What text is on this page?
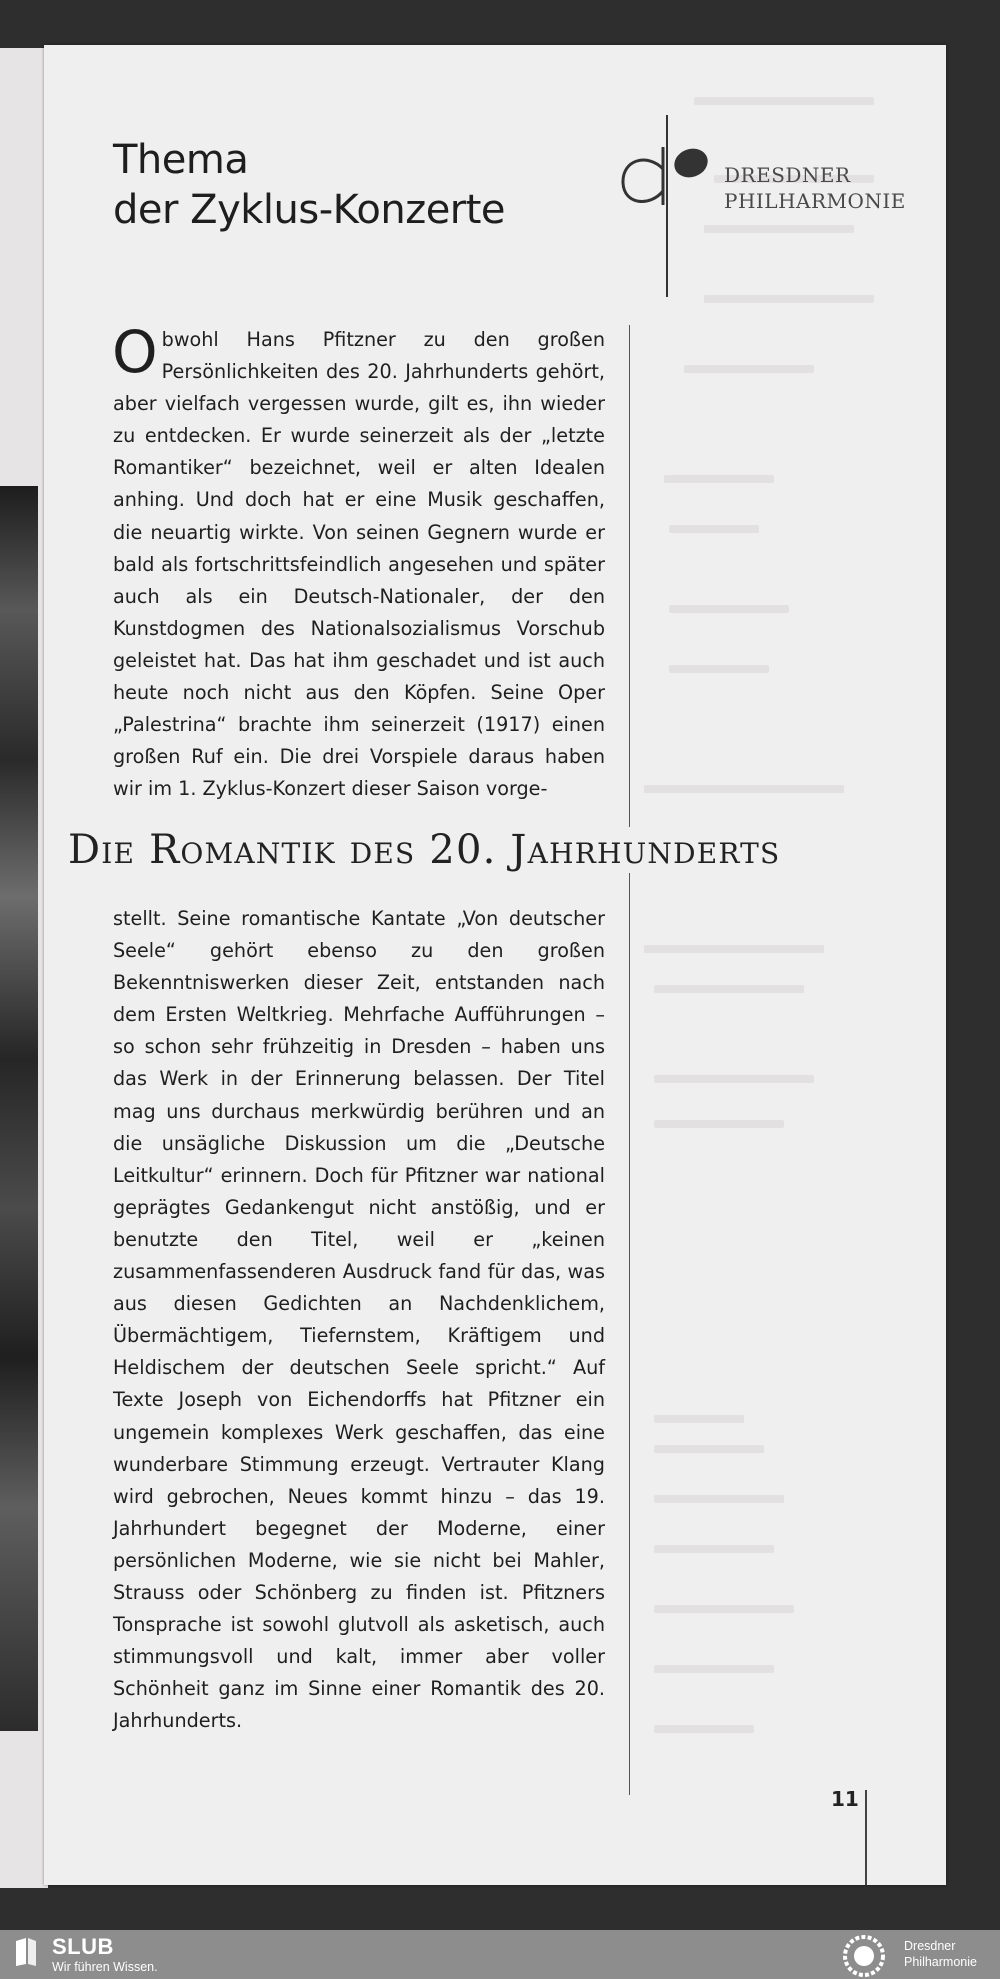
Thema
der Zyklus-Konzerte
DRESDNER
PHILHARMONIE

Obwohl Hans Pfitzner zu den großen Persönlichkeiten des 20. Jahrhunderts gehört, aber vielfach vergessen wurde, gilt es, ihn wieder zu entdecken. Er wurde seinerzeit als der „letzte Romantiker“ bezeichnet, weil er alten Idealen anhing. Und doch hat er eine Musik geschaffen, die neuartig wirkte. Von seinen Gegnern wurde er bald als fortschrittsfeindlich angesehen und später auch als ein Deutsch-Nationaler, der den Kunstdogmen des Nationalsozialismus Vorschub geleistet hat. Das hat ihm geschadet und ist auch heute noch nicht aus den Köpfen. Seine Oper „Palestrina“ brachte ihm seinerzeit (1917) einen großen Ruf ein. Die drei Vorspiele daraus haben wir im 1. Zyklus-Konzert dieser Saison vorge-

Die Romantik des 20. Jahrhunderts

stellt. Seine romantische Kantate „Von deutscher Seele“ gehört ebenso zu den großen Bekenntniswerken dieser Zeit, entstanden nach dem Ersten Weltkrieg. Mehrfache Aufführungen – so schon sehr frühzeitig in Dresden – haben uns das Werk in der Erinnerung belassen. Der Titel mag uns durchaus merkwürdig berühren und an die unsägliche Diskussion um die „Deutsche Leitkultur“ erinnern. Doch für Pfitzner war national geprägtes Gedankengut nicht anstößig, und er benutzte den Titel, weil er „keinen zusammenfassenderen Ausdruck fand für das, was aus diesen Gedichten an Nachdenklichem, Übermächtigem, Tiefernstem, Kräftigem und Heldischem der deutschen Seele spricht.“ Auf Texte Joseph von Eichendorffs hat Pfitzner ein ungemein komplexes Werk geschaffen, das eine wunderbare Stimmung erzeugt. Vertrauter Klang wird gebrochen, Neues kommt hinzu – das 19. Jahrhundert begegnet der Moderne, einer persönlichen Moderne, wie sie nicht bei Mahler, Strauss oder Schönberg zu finden ist. Pfitzners Tonsprache ist sowohl glutvoll als asketisch, auch stimmungsvoll und kalt, immer aber voller Schönheit ganz im Sinne einer Romantik des 20. Jahrhunderts.

11
SLUB
Wir führen Wissen.
Dresdner
Philharmonie
